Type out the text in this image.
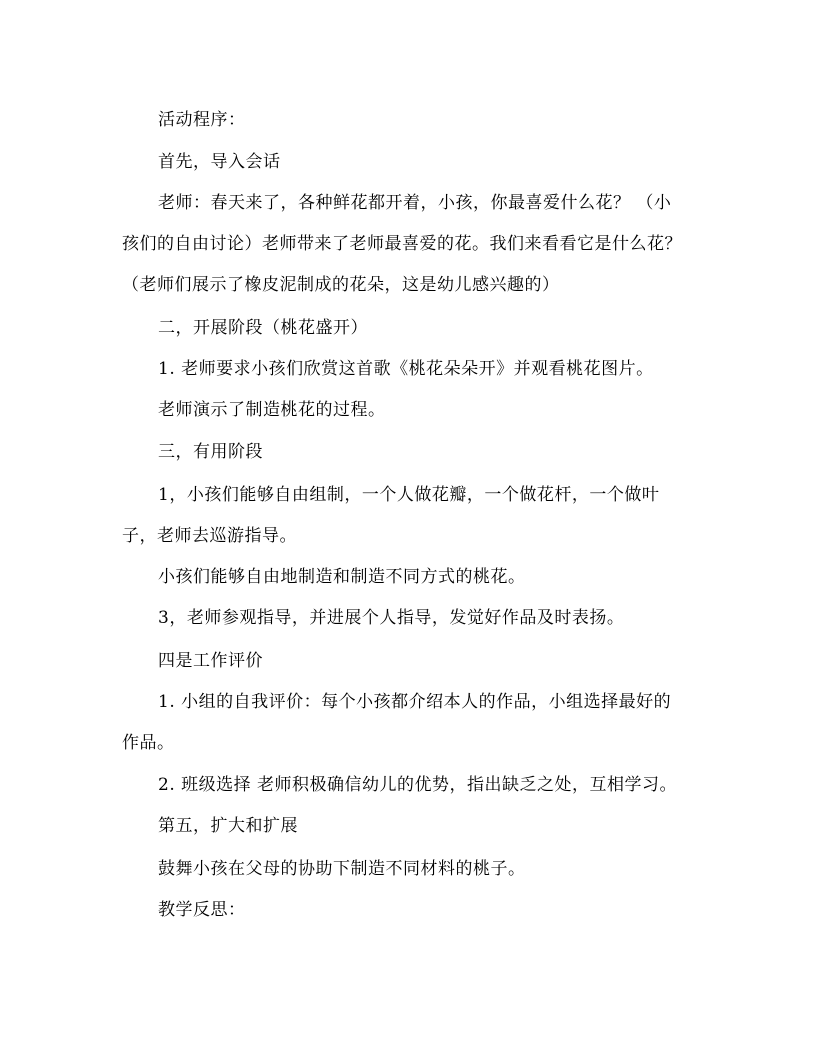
活动程序：
首先，导入会话
老师：春天来了，各种鲜花都开着，小孩，你最喜爱什么花？ （小
孩们的自由讨论）老师带来了老师最喜爱的花。我们来看看它是什么花？
（老师们展示了橡皮泥制成的花朵，这是幼儿感兴趣的）
二，开展阶段（桃花盛开）
1. 老师要求小孩们欣赏这首歌《桃花朵朵开》并观看桃花图片。
老师演示了制造桃花的过程。
三，有用阶段
1，小孩们能够自由组制，一个人做花瓣，一个做花杆，一个做叶
子，老师去巡游指导。
小孩们能够自由地制造和制造不同方式的桃花。
3，老师参观指导，并进展个人指导，发觉好作品及时表扬。
四是工作评价
1. 小组的自我评价：每个小孩都介绍本人的作品，小组选择最好的
作品。
2. 班级选择 老师积极确信幼儿的优势，指出缺乏之处，互相学习。
第五，扩大和扩展
鼓舞小孩在父母的协助下制造不同材料的桃子。
教学反思：
